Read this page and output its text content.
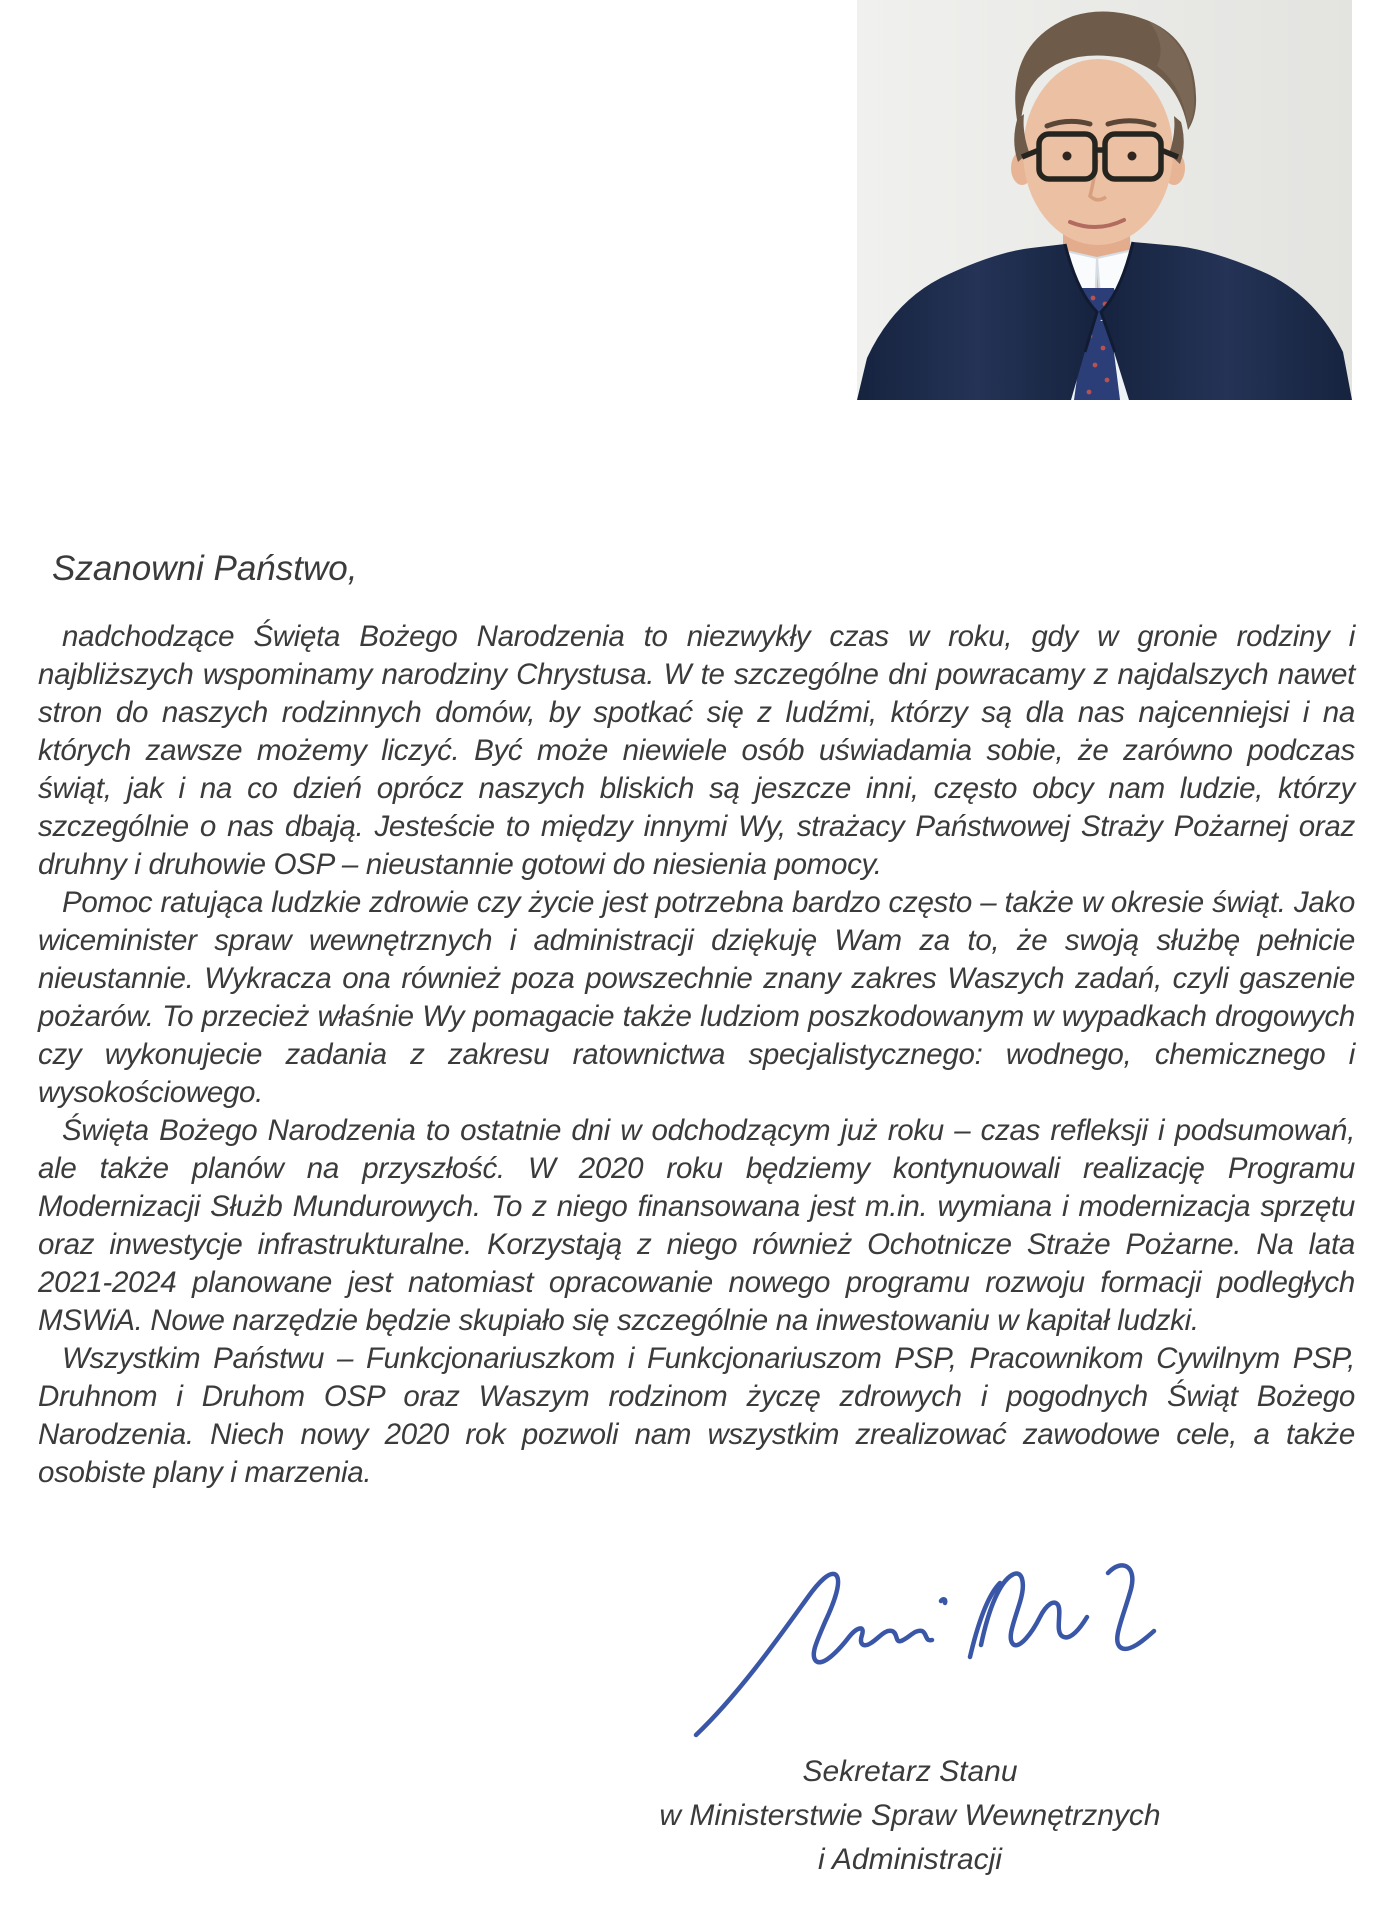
Szanowni Państwo,

nadchodzące Święta Bożego Narodzenia to niezwykły czas w roku, gdy w gronie rodziny i najbliższych wspominamy narodziny Chrystusa. W te szczególne dni powracamy z najdalszych nawet stron do naszych rodzinnych domów, by spotkać się z ludźmi, którzy są dla nas najcenniejsi i na których zawsze możemy liczyć. Być może niewiele osób uświadamia sobie, że zarówno podczas świąt, jak i na co dzień oprócz naszych bliskich są jeszcze inni, często obcy nam ludzie, którzy szczególnie o nas dbają. Jesteście to między innymi Wy, strażacy Państwowej Straży Pożarnej oraz druhny i druhowie OSP – nieustannie gotowi do niesienia pomocy.

Pomoc ratująca ludzkie zdrowie czy życie jest potrzebna bardzo często – także w okresie świąt. Jako wiceminister spraw wewnętrznych i administracji dziękuję Wam za to, że swoją służbę pełnicie nieustannie. Wykracza ona również poza powszechnie znany zakres Waszych zadań, czyli gaszenie pożarów. To przecież właśnie Wy pomagacie także ludziom poszkodowanym w wypadkach drogowych czy wykonujecie zadania z zakresu ratownictwa specjalistycznego: wodnego, chemicznego i wysokościowego.

Święta Bożego Narodzenia to ostatnie dni w odchodzącym już roku – czas refleksji i podsumowań, ale także planów na przyszłość. W 2020 roku będziemy kontynuowali realizację Programu Modernizacji Służb Mundurowych. To z niego finansowana jest m.in. wymiana i modernizacja sprzętu oraz inwestycje infrastrukturalne. Korzystają z niego również Ochotnicze Straże Pożarne. Na lata 2021-2024 planowane jest natomiast opracowanie nowego programu rozwoju formacji podległych MSWiA. Nowe narzędzie będzie skupiało się szczególnie na inwestowaniu w kapitał ludzki.

Wszystkim Państwu – Funkcjonariuszkom i Funkcjonariuszom PSP, Pracownikom Cywilnym PSP, Druhnom i Druhom OSP oraz Waszym rodzinom życzę zdrowych i pogodnych Świąt Bożego Narodzenia. Niech nowy 2020 rok pozwoli nam wszystkim zrealizować zawodowe cele, a także osobiste plany i marzenia.

Sekretarz Stanu
w Ministerstwie Spraw Wewnętrznych
i Administracji
